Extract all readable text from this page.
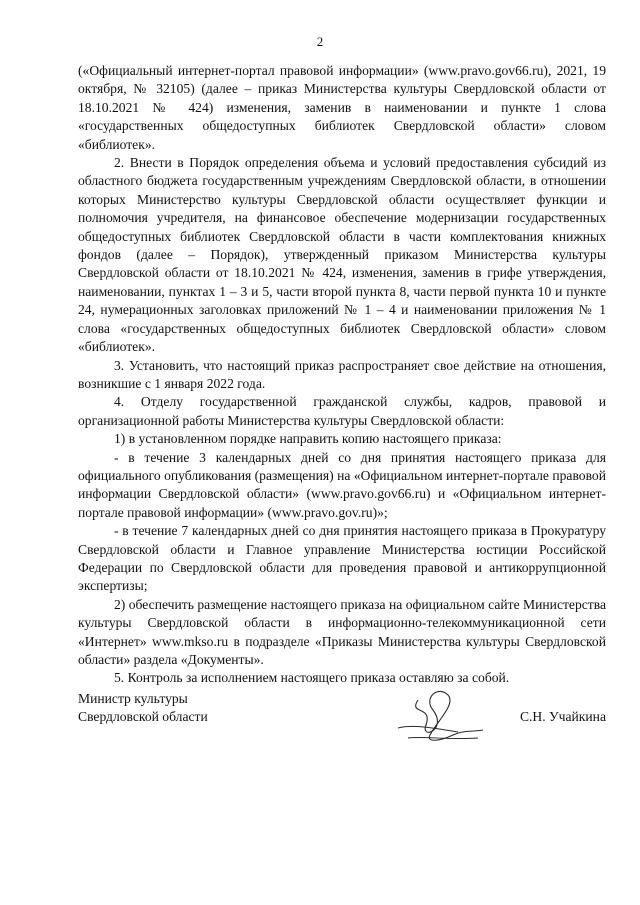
2

(«Официальный интернет-портал правовой информации» (www.pravo.gov66.ru), 2021, 19 октября, № 32105) (далее – приказ Министерства культуры Свердловской области от 18.10.2021 № 424) изменения, заменив в наименовании и пункте 1 слова «государственных общедоступных библиотек Свердловской области» словом «библиотек».

2. Внести в Порядок определения объема и условий предоставления субсидий из областного бюджета государственным учреждениям Свердловской области, в отношении которых Министерство культуры Свердловской области осуществляет функции и полномочия учредителя, на финансовое обеспечение модернизации государственных общедоступных библиотек Свердловской области в части комплектования книжных фондов (далее – Порядок), утвержденный приказом Министерства культуры Свердловской области от 18.10.2021 № 424, изменения, заменив в грифе утверждения, наименовании, пунктах 1 – 3 и 5, части второй пункта 8, части первой пункта 10 и пункте 24, нумерационных заголовках приложений № 1 – 4 и наименовании приложения № 1 слова «государственных общедоступных библиотек Свердловской области» словом «библиотек».

3. Установить, что настоящий приказ распространяет свое действие на отношения, возникшие с 1 января 2022 года.

4. Отделу государственной гражданской службы, кадров, правовой и организационной работы Министерства культуры Свердловской области:

1) в установленном порядке направить копию настоящего приказа:

- в течение 3 календарных дней со дня принятия настоящего приказа для официального опубликования (размещения) на «Официальном интернет-портале правовой информации Свердловской области» (www.pravo.gov66.ru) и «Официальном интернет-портале правовой информации» (www.pravo.gov.ru)»;

- в течение 7 календарных дней со дня принятия настоящего приказа в Прокуратуру Свердловской области и Главное управление Министерства юстиции Российской Федерации по Свердловской области для проведения правовой и антикоррупционной экспертизы;

2) обеспечить размещение настоящего приказа на официальном сайте Министерства культуры Свердловской области в информационно-телекоммуникационной сети «Интернет» www.mkso.ru в подразделе «Приказы Министерства культуры Свердловской области» раздела «Документы».

5. Контроль за исполнением настоящего приказа оставляю за собой.

Министр культуры
Свердловской области	С.Н. Учайкина
